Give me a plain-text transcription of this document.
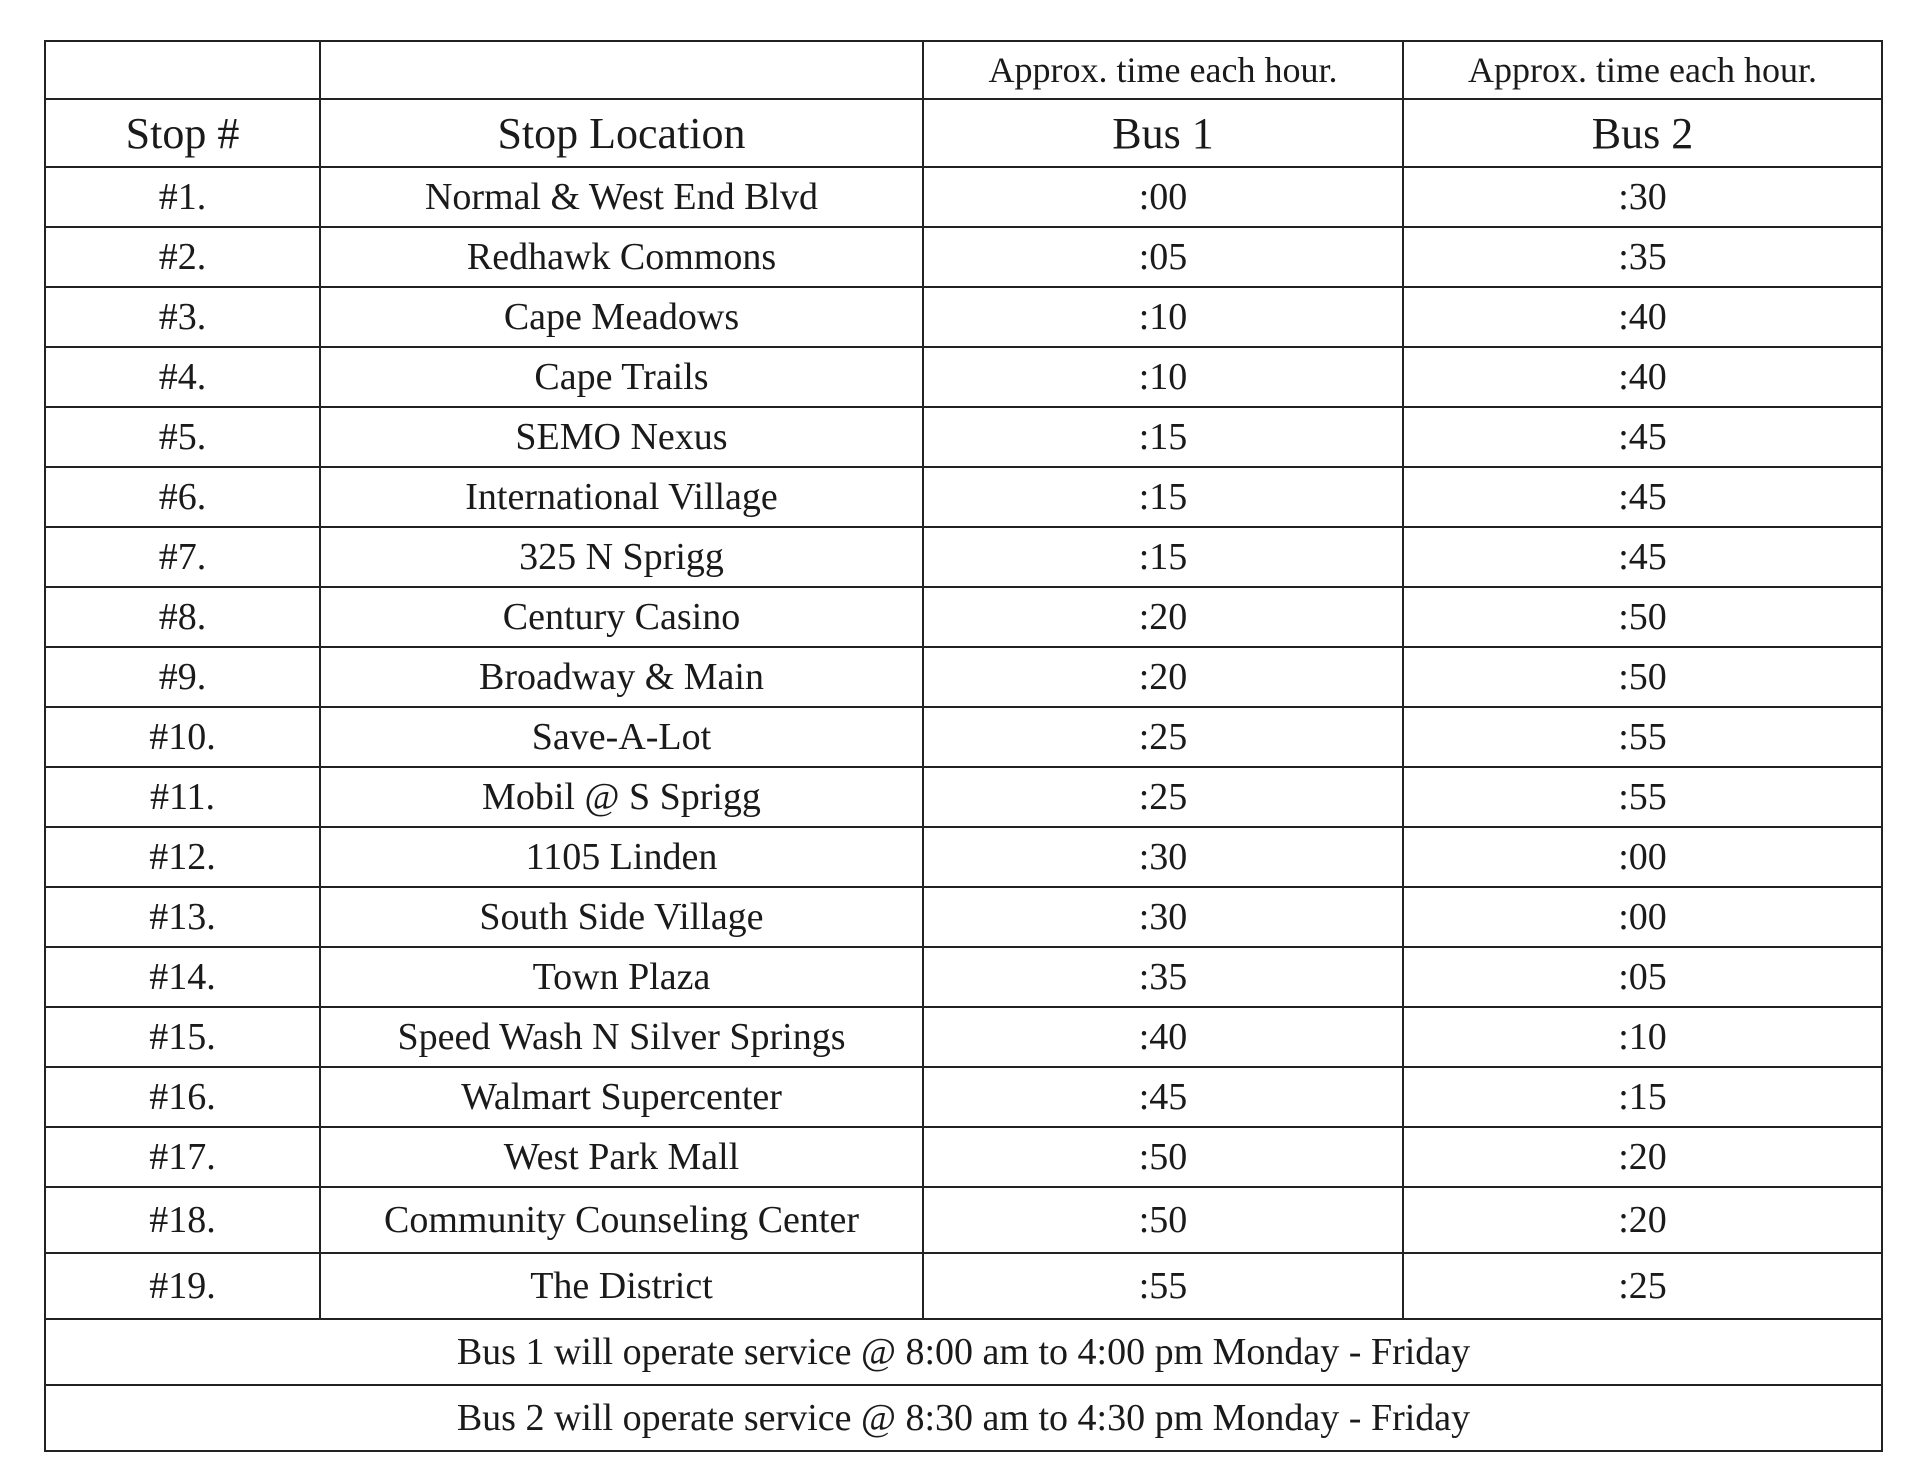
		Approx. time each hour.	Approx. time each hour.
Stop #	Stop Location	Bus 1	Bus 2
#1.	Normal & West End Blvd	:00	:30
#2.	Redhawk Commons	:05	:35
#3.	Cape Meadows	:10	:40
#4.	Cape Trails	:10	:40
#5.	SEMO Nexus	:15	:45
#6.	International Village	:15	:45
#7.	325 N Sprigg	:15	:45
#8.	Century Casino	:20	:50
#9.	Broadway & Main	:20	:50
#10.	Save-A-Lot	:25	:55
#11.	Mobil @ S Sprigg	:25	:55
#12.	1105 Linden	:30	:00
#13.	South Side Village	:30	:00
#14.	Town Plaza	:35	:05
#15.	Speed Wash N Silver Springs	:40	:10
#16.	Walmart Supercenter	:45	:15
#17.	West Park Mall	:50	:20
#18.	Community Counseling Center	:50	:20
#19.	The District	:55	:25
Bus 1 will operate service @ 8:00 am to 4:00 pm Monday - Friday			
Bus 2 will operate service @ 8:30 am to 4:30 pm Monday - Friday			
